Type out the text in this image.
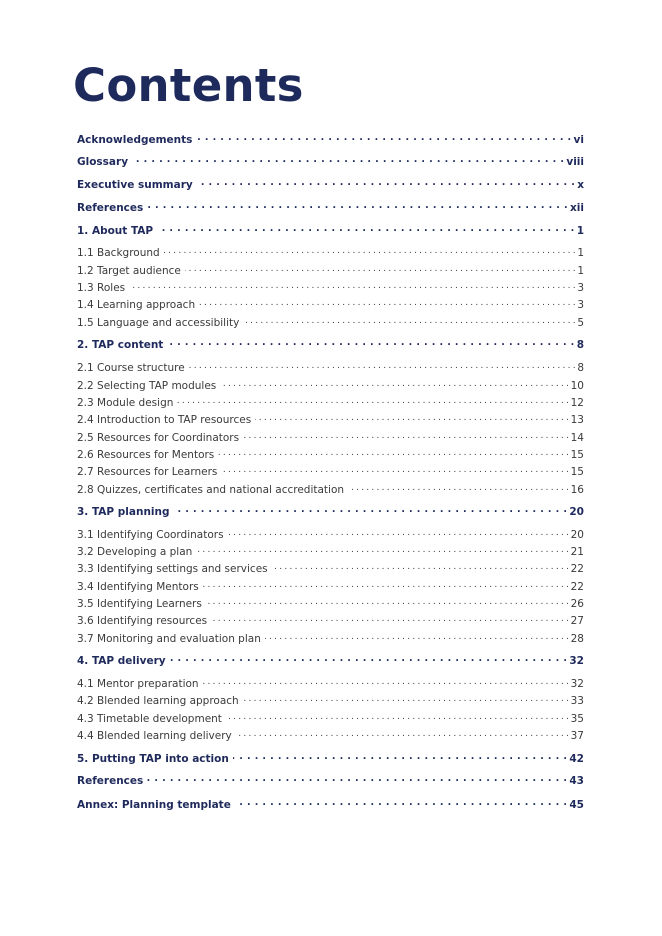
Contents
Acknowledgements . . .	vi
Glossary . . .	viii
Executive summary . . .	x
References . . .	xii
1. About TAP . . .	1
1.1 Background . . .	1
1.2 Target audience . . .	1
1.3 Roles . . .	3
1.4 Learning approach . . .	3
1.5 Language and accessibility . . .	5
2. TAP content . . .	8
2.1 Course structure . . .	8
2.2 Selecting TAP modules . . .	10
2.3 Module design . . .	12
2.4 Introduction to TAP resources . . .	13
2.5 Resources for Coordinators . . .	14
2.6 Resources for Mentors . . .	15
2.7 Resources for Learners . . .	15
2.8 Quizzes, certificates and national accreditation . . .	16
3. TAP planning . . .	20
3.1 Identifying Coordinators . . .	20
3.2 Developing a plan . . .	21
3.3 Identifying settings and services . . .	22
3.4 Identifying Mentors . . .	22
3.5 Identifying Learners . . .	26
3.6 Identifying resources . . .	27
3.7 Monitoring and evaluation plan . . .	28
4. TAP delivery . . .	32
4.1 Mentor preparation . . .	32
4.2 Blended learning approach . . .	33
4.3 Timetable development . . .	35
4.4 Blended learning delivery . . .	37
5. Putting TAP into action . . .	42
References . . .	43
Annex: Planning template . . .	45
